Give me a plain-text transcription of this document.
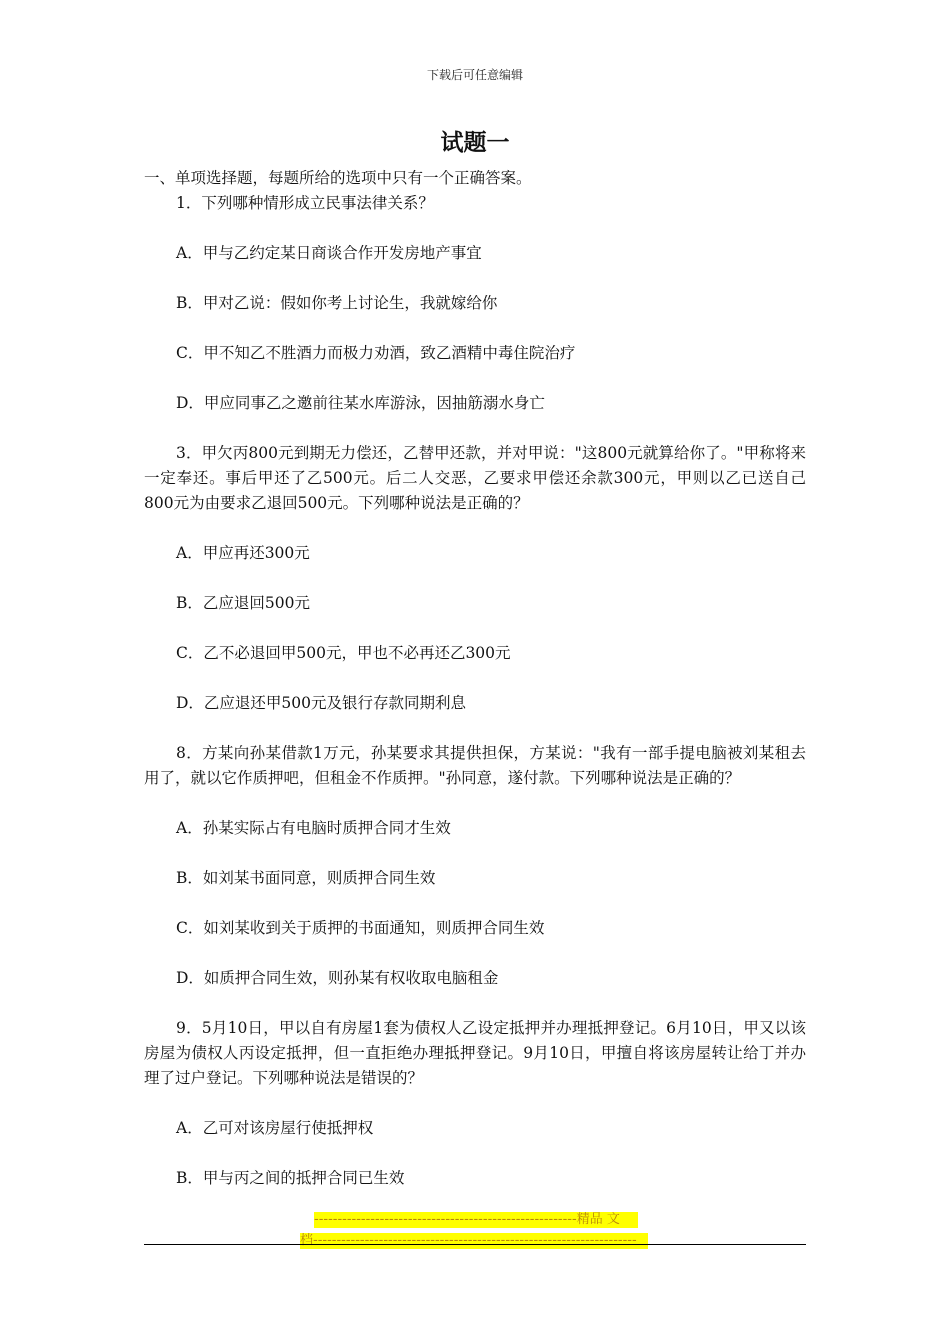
下载后可任意编辑
试题一

一、单项选择题，每题所给的选项中只有一个正确答案。

1．下列哪种情形成立民事法律关系？

A．甲与乙约定某日商谈合作开发房地产事宜

B．甲对乙说：假如你考上讨论生，我就嫁给你

C．甲不知乙不胜酒力而极力劝酒，致乙酒精中毒住院治疗

D．甲应同事乙之邀前往某水库游泳，因抽筋溺水身亡

3．甲欠丙800元到期无力偿还，乙替甲还款，并对甲说："这800元就算给你了。"甲称将来一定奉还。事后甲还了乙500元。后二人交恶，乙要求甲偿还余款300元，甲则以乙已送自己800元为由要求乙退回500元。下列哪种说法是正确的？

A．甲应再还300元

B．乙应退回500元

C．乙不必退回甲500元，甲也不必再还乙300元

D．乙应退还甲500元及银行存款同期利息

8．方某向孙某借款1万元，孙某要求其提供担保，方某说："我有一部手提电脑被刘某租去用了，就以它作质押吧，但租金不作质押。"孙同意，遂付款。下列哪种说法是正确的？

A．孙某实际占有电脑时质押合同才生效

B．如刘某书面同意，则质押合同生效

C．如刘某收到关于质押的书面通知，则质押合同生效

D．如质押合同生效，则孙某有权收取电脑租金

9．5月10日，甲以自有房屋1套为债权人乙设定抵押并办理抵押登记。6月10日，甲又以该房屋为债权人丙设定抵押，但一直拒绝办理抵押登记。9月10日，甲擅自将该房屋转让给丁并办理了过户登记。下列哪种说法是错误的？

A．乙可对该房屋行使抵押权

B．甲与丙之间的抵押合同已生效

--------------------------------------------------------精品 文
档---------------------------------------------------------------------
